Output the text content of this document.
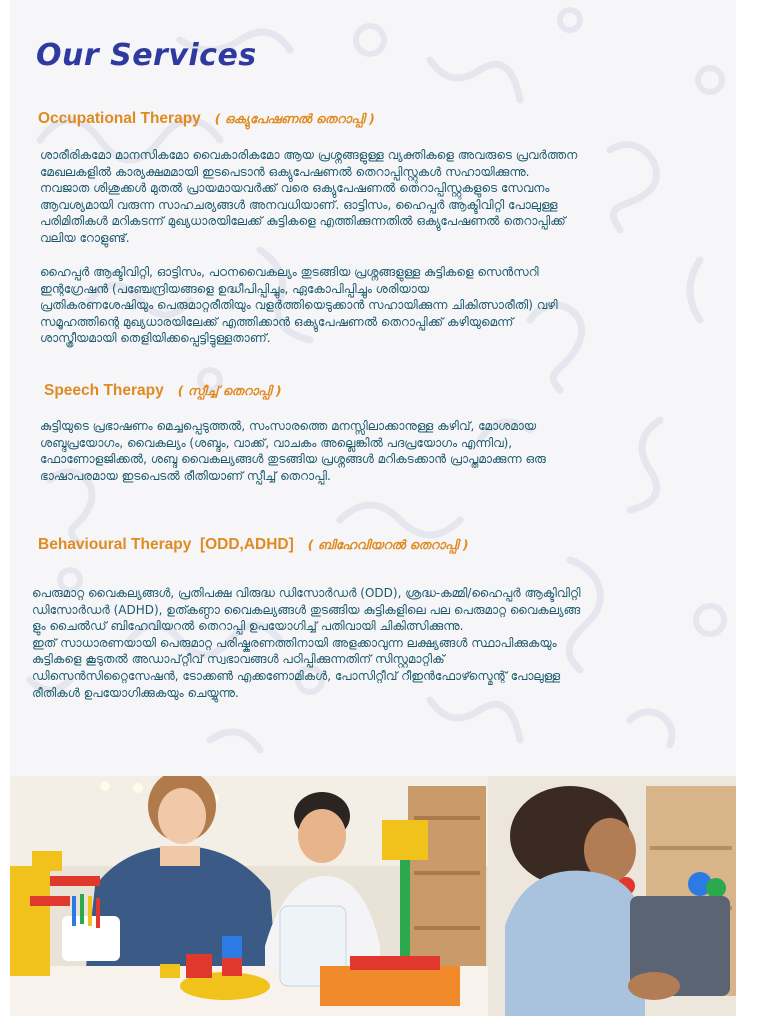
Our Services
Occupational Therapy ( ഒക്യുപേഷണൽ തെറാപ്പി )
ശാരീരികമോ മാനസികമോ വൈകാരികമോ ആയ പ്രശ്നങ്ങളുള്ള വ്യക്തികളെ അവരുടെ പ്രവർത്തന
മേഖലകളിൽ കാര്യക്ഷമമായി ഇടപെടാൻ ഒക്യുപേഷണൽ തെറാപ്പിസ്റ്റുകൾ സഹായിക്കുന്നു.
നവജാത ശിശുക്കൾ മുതൽ പ്രായമായവർക്ക് വരെ ഒക്യുപേഷണൽ തെറാപ്പിസ്റ്റുകളുടെ സേവനം
ആവശ്യമായി വരുന്ന സാഹചര്യങ്ങൾ അനവധിയാണ്. ഓട്ടിസം, ഹൈപ്പർ ആക്ടിവിറ്റി പോലുള്ള
പരിമിതികൾ മറികടന്ന് മുഖ്യധാരയിലേക്ക് കുട്ടികളെ എത്തിക്കുന്നതിൽ ഒക്യുപേഷണൽ തെറാപ്പിക്ക്
വലിയ റോളുണ്ട്.
ഹൈപ്പർ ആക്ടിവിറ്റി, ഓട്ടിസം, പഠനവൈകല്യം തുടങ്ങിയ പ്രശ്നങ്ങളുള്ള കുട്ടികളെ സെൻസറി
ഇന്റഗ്രേഷൻ (പഞ്ചേന്ദ്രിയങ്ങളെ ഉദ്ധീപിപ്പിച്ചും, ഏകോപിപ്പിച്ചും ശരിയായ
പ്രതികരണശേഷിയും പെരുമാറ്റരീതിയും വളർത്തിയെടുക്കാൻ സഹായിക്കുന്ന ചികിത്സാരീതി) വഴി
സമൂഹത്തിന്റെ മുഖ്യധാരയിലേക്ക് എത്തിക്കാൻ ഒക്യുപേഷണൽ തെറാപ്പിക്ക് കഴിയുമെന്ന്
ശാസ്ത്രീയമായി തെളിയിക്കപ്പെട്ടിട്ടുള്ളതാണ്.
Speech Therapy ( സ്പീച്ച് തെറാപ്പി )
കുട്ടിയുടെ പ്രഭാഷണം മെച്ചപ്പെടുത്തൽ, സംസാരത്തെ മനസ്സിലാക്കാനുള്ള കഴിവ്, മോശമായ
ശബ്ദപ്രയോഗം, വൈകല്യം (ശബ്ദം, വാക്ക്, വാചകം അല്ലെങ്കിൽ പദപ്രയോഗം എന്നിവ),
ഫോണോളജിക്കൽ, ശബ്ദ വൈകല്യങ്ങൾ തുടങ്ങിയ പ്രശ്നങ്ങൾ മറികടക്കാൻ പ്രാപ്തമാക്കുന്ന ഒരു
ഭാഷാപരമായ ഇടപെടൽ രീതിയാണ് സ്പീച്ച് തെറാപ്പി.
Behavioural Therapy  [ODD,ADHD] ( ബിഹേവിയറൽ തെറാപ്പി )
പെരുമാറ്റ വൈകല്യങ്ങൾ, പ്രതിപക്ഷ വിരുദ്ധ ഡിസോർഡർ (ODD), ശ്രദ്ധ-കമ്മി/ഹൈപ്പർ ആക്ടിവിറ്റി
ഡിസോർഡർ (ADHD), ഉത്കണ്ഠാ വൈകല്യങ്ങൾ തുടങ്ങിയ കുട്ടികളിലെ പല പെരുമാറ്റ വൈകല്യങ്ങ
ളും ചൈൽഡ് ബിഹേവിയറൽ തെറാപ്പി ഉപയോഗിച്ച് പതിവായി ചികിത്സിക്കുന്നു.
ഇത് സാധാരണയായി പെരുമാറ്റ പരിഷ്കരണത്തിനായി അളക്കാവുന്ന ലക്ഷ്യങ്ങൾ സ്ഥാപിക്കുകയും
കുട്ടികളെ കൂടുതൽ അഡാപ്റ്റീവ് സ്വഭാവങ്ങൾ പഠിപ്പിക്കുന്നതിന് സിസ്റ്റമാറ്റിക്
ഡിസെൻസിറ്റൈസേഷൻ, ടോക്കൺ എക്കണോമികൾ, പോസിറ്റീവ് റീഇൻഫോഴ്സ്മെന്റ് പോലുള്ള
രീതികൾ ഉപയോഗിക്കുകയും ചെയ്യുന്നു.
